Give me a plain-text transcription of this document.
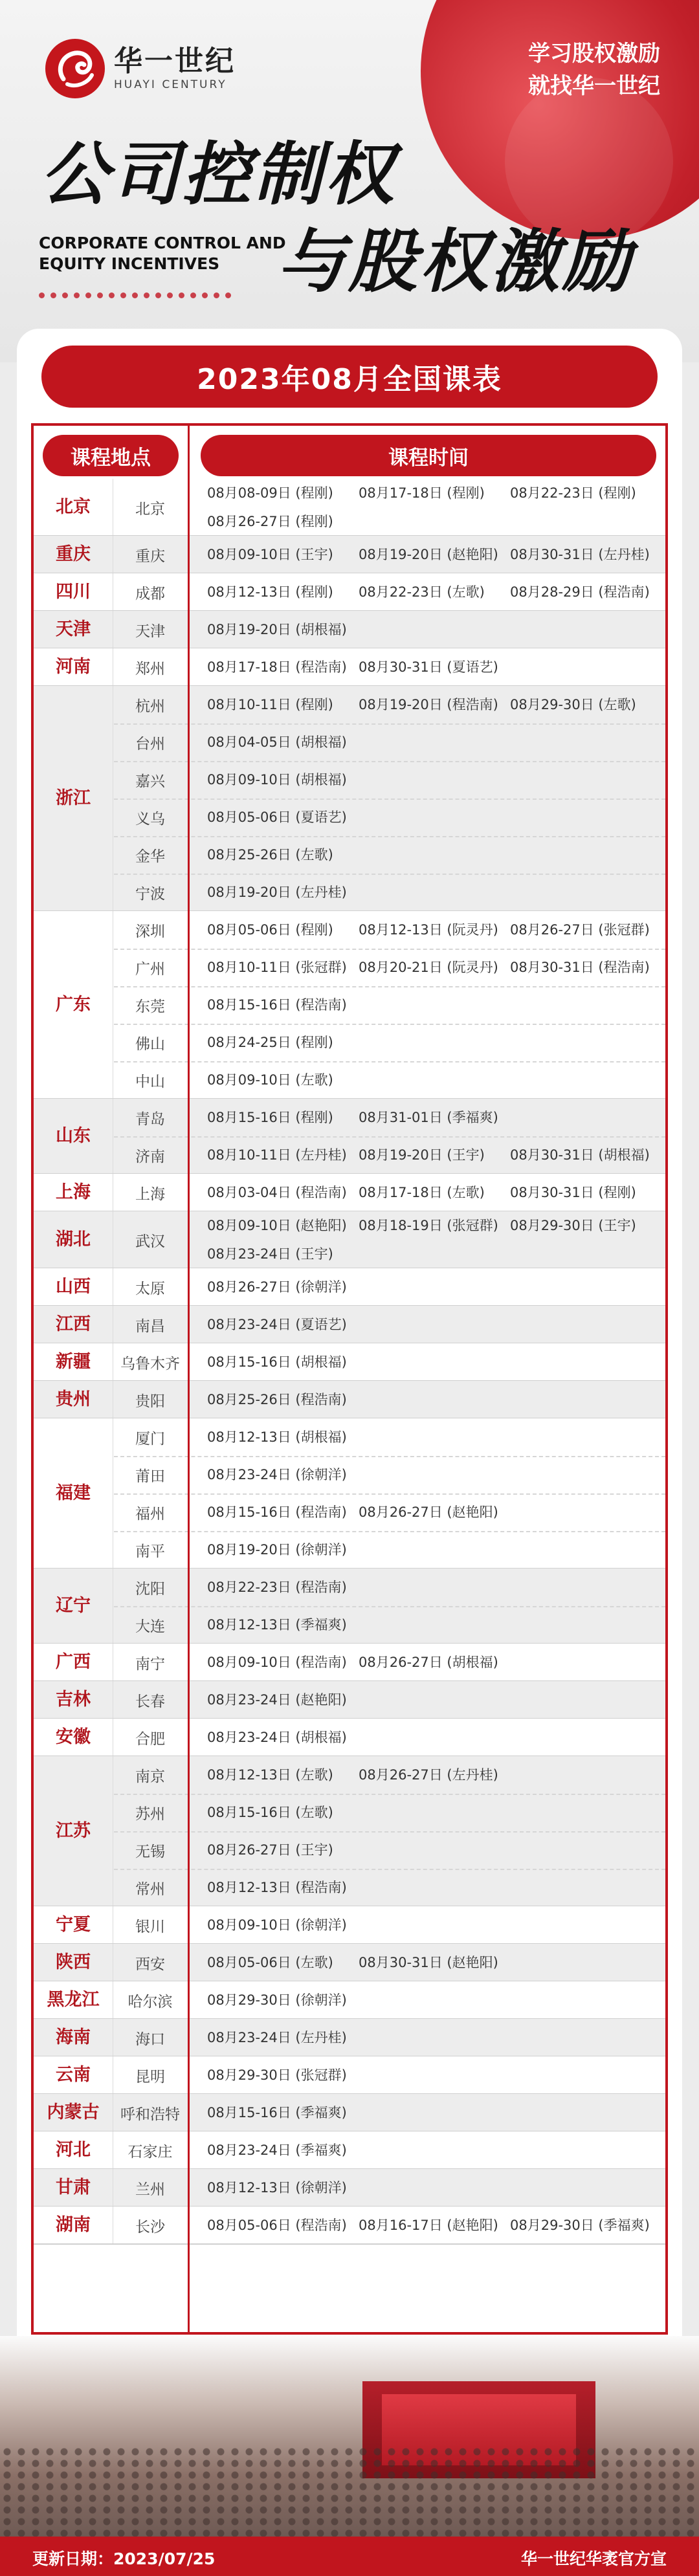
学习股权激励
就找华一世纪
华一世纪
HUAYI CENTURY
公司控制权
CORPORATE CONTROL AND
EQUITY INCENTIVES 与股权激励
2023年08月全国课表
课程地点	课程时间
北京	北京
08月08-09日 (程刚)	08月17-18日 (程刚)	08月22-23日 (程刚)
08月26-27日 (程刚)
重庆	重庆	08月09-10日 (王宇)	08月19-20日 (赵艳阳) 08月30-31日 (左丹桂)
四川	成都	08月12-13日 (程刚)	08月22-23日 (左歌)	08月28-29日 (程浩南)
天津	天津	08月19-20日 (胡根福)
河南	郑州	08月17-18日 (程浩南) 08月30-31日 (夏语艺)
浙江
杭州	08月10-11日 (程刚)	08月19-20日 (程浩南) 08月29-30日 (左歌)
台州	08月04-05日 (胡根福)
嘉兴	08月09-10日 (胡根福)
义乌	08月05-06日 (夏语艺)
金华	08月25-26日 (左歌)
宁波	08月19-20日 (左丹桂)
广东
深圳	08月05-06日 (程刚)	08月12-13日 (阮灵丹) 08月26-27日 (张冠群)
广州	08月10-11日 (张冠群) 08月20-21日 (阮灵丹) 08月30-31日 (程浩南)
东莞	08月15-16日 (程浩南)
佛山	08月24-25日 (程刚)
中山	08月09-10日 (左歌)
山东
青岛	08月15-16日 (程刚)	08月31-01日 (季福爽)
济南	08月10-11日 (左丹桂) 08月19-20日 (王宇)	08月30-31日 (胡根福)
上海	上海	08月03-04日 (程浩南) 08月17-18日 (左歌)	08月30-31日 (程刚)
湖北	武汉
08月09-10日 (赵艳阳) 08月18-19日 (张冠群) 08月29-30日 (王宇)
08月23-24日 (王宇)
山西	太原	08月26-27日 (徐朝洋)
江西	南昌	08月23-24日 (夏语艺)
新疆	乌鲁木齐	08月15-16日 (胡根福)
贵州	贵阳	08月25-26日 (程浩南)
福建
厦门	08月12-13日 (胡根福)
莆田	08月23-24日 (徐朝洋)
福州	08月15-16日 (程浩南) 08月26-27日 (赵艳阳)
南平	08月19-20日 (徐朝洋)
辽宁
沈阳	08月22-23日 (程浩南)
大连	08月12-13日 (季福爽)
广西	南宁	08月09-10日 (程浩南) 08月26-27日 (胡根福)
吉林	长春	08月23-24日 (赵艳阳)
安徽	合肥	08月23-24日 (胡根福)
江苏
南京	08月12-13日 (左歌)	08月26-27日 (左丹桂)
苏州	08月15-16日 (左歌)
无锡	08月26-27日 (王宇)
常州	08月12-13日 (程浩南)
宁夏	银川	08月09-10日 (徐朝洋)
陕西	西安	08月05-06日 (左歌)	08月30-31日 (赵艳阳)
黑龙江	哈尔滨	08月29-30日 (徐朝洋)
海南	海口	08月23-24日 (左丹桂)
云南	昆明	08月29-30日 (张冠群)
内蒙古	呼和浩特	08月15-16日 (季福爽)
河北	石家庄	08月23-24日 (季福爽)
甘肃	兰州	08月12-13日 (徐朝洋)
湖南	长沙	08月05-06日 (程浩南) 08月16-17日 (赵艳阳) 08月29-30日 (季福爽)
更新日期：2023/07/25	华一世纪华袤官方宣
